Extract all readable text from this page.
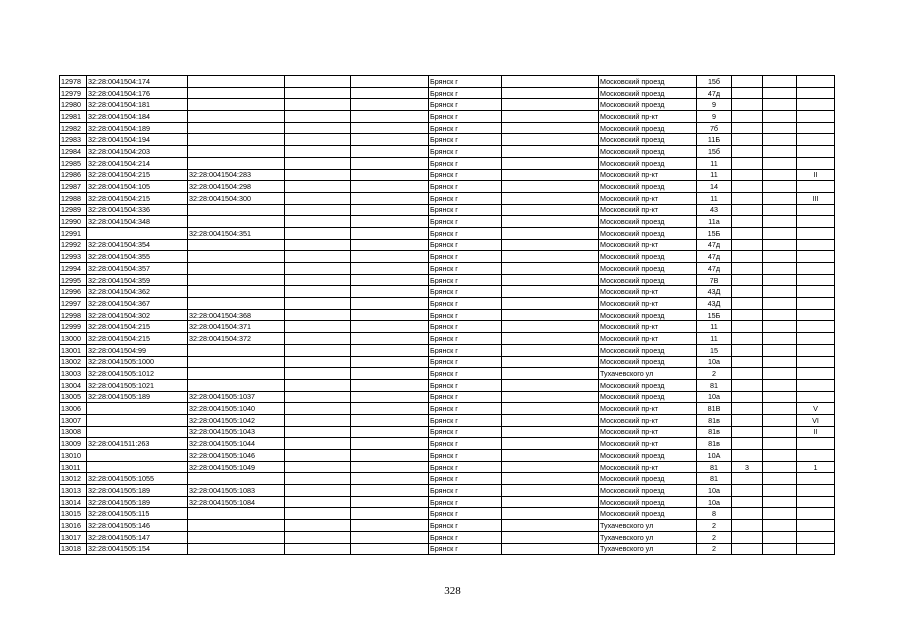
12978	32:28:0041504:174				Брянск г		Московский проезд	15б			
12979	32:28:0041504:176				Брянск г		Московский проезд	47д			
12980	32:28:0041504:181				Брянск г		Московский проезд	9			
12981	32:28:0041504:184				Брянск г		Московский пр-кт	9			
12982	32:28:0041504:189				Брянск г		Московский проезд	7б			
12983	32:28:0041504:194				Брянск г		Московский проезд	11Б			
12984	32:28:0041504:203				Брянск г		Московский проезд	15б			
12985	32:28:0041504:214				Брянск г		Московский проезд	11			
12986	32:28:0041504:215	32:28:0041504:283			Брянск г		Московский пр-кт	11			II
12987	32:28:0041504:105	32:28:0041504:298			Брянск г		Московский проезд	14			
12988	32:28:0041504:215	32:28:0041504:300			Брянск г		Московский пр-кт	11			III
12989	32:28:0041504:336				Брянск г		Московский пр-кт	43			
12990	32:28:0041504:348				Брянск г		Московский проезд	11а			
12991		32:28:0041504:351			Брянск г		Московский проезд	15Б			
12992	32:28:0041504:354				Брянск г		Московский пр-кт	47д			
12993	32:28:0041504:355				Брянск г		Московский проезд	47д			
12994	32:28:0041504:357				Брянск г		Московский проезд	47д			
12995	32:28:0041504:359				Брянск г		Московский проезд	7В			
12996	32:28:0041504:362				Брянск г		Московский пр-кт	43Д			
12997	32:28:0041504:367				Брянск г		Московский пр-кт	43Д			
12998	32:28:0041504:302	32:28:0041504:368			Брянск г		Московский проезд	15Б			
12999	32:28:0041504:215	32:28:0041504:371			Брянск г		Московский пр-кт	11			
13000	32:28:0041504:215	32:28:0041504:372			Брянск г		Московский пр-кт	11			
13001	32:28:0041504:99				Брянск г		Московский проезд	15			
13002	32:28:0041505:1000				Брянск г		Московский проезд	10а			
13003	32:28:0041505:1012				Брянск г		Тухачевского ул	2			
13004	32:28:0041505:1021				Брянск г		Московский проезд	81			
13005	32:28:0041505:189	32:28:0041505:1037			Брянск г		Московский проезд	10а			
13006		32:28:0041505:1040			Брянск г		Московский пр-кт	81В			V
13007		32:28:0041505:1042			Брянск г		Московский пр-кт	81в			VI
13008		32:28:0041505:1043			Брянск г		Московский пр-кт	81в			II
13009	32:28:0041511:263	32:28:0041505:1044			Брянск г		Московский пр-кт	81в			
13010		32:28:0041505:1046			Брянск г		Московский проезд	10А			
13011		32:28:0041505:1049			Брянск г		Московский пр-кт	81	3		1
13012	32:28:0041505:1055				Брянск г		Московский проезд	81			
13013	32:28:0041505:189	32:28:0041505:1083			Брянск г		Московский проезд	10а			
13014	32:28:0041505:189	32:28:0041505:1084			Брянск г		Московский проезд	10а			
13015	32:28:0041505:115				Брянск г		Московский проезд	8			
13016	32:28:0041505:146				Брянск г		Тухачевского ул	2			
13017	32:28:0041505:147				Брянск г		Тухачевского ул	2			
13018	32:28:0041505:154				Брянск г		Тухачевского ул	2			
328
